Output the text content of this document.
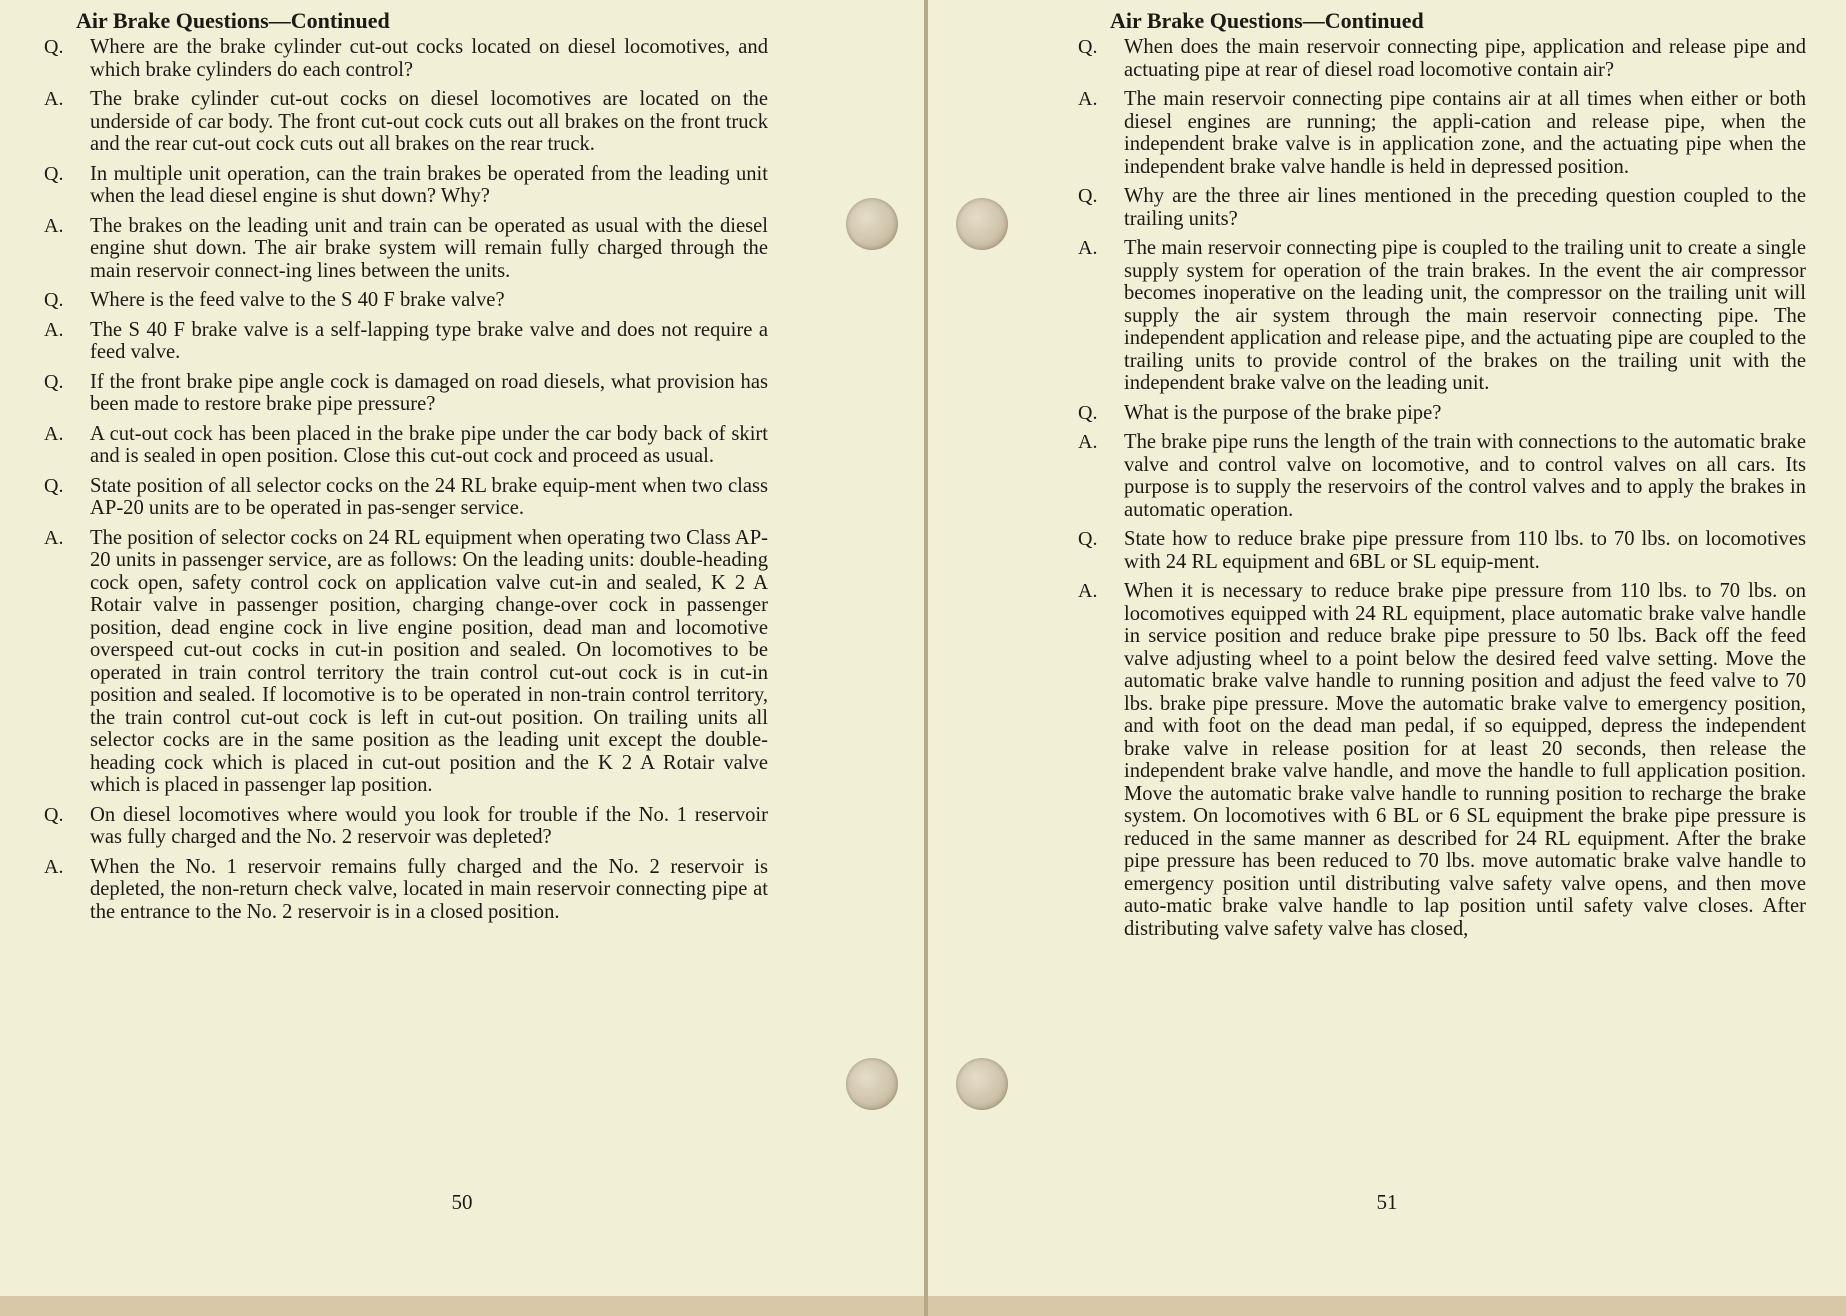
Air Brake Questions—Continued
Q.	Where are the brake cylinder cut-out cocks located on diesel locomotives, and which brake cylinders do each control?
A.	The brake cylinder cut-out cocks on diesel locomotives are located on the underside of car body. The front cut-out cock cuts out all brakes on the front truck and the rear cut-out cock cuts out all brakes on the rear truck.
Q.	In multiple unit operation, can the train brakes be operated from the leading unit when the lead diesel engine is shut down? Why?
A.	The brakes on the leading unit and train can be operated as usual with the diesel engine shut down. The air brake system will remain fully charged through the main reservoir connect-ing lines between the units.
Q.	Where is the feed valve to the S 40 F brake valve?
A.	The S 40 F brake valve is a self-lapping type brake valve and does not require a feed valve.
Q.	If the front brake pipe angle cock is damaged on road diesels, what provision has been made to restore brake pipe pressure?
A.	A cut-out cock has been placed in the brake pipe under the car body back of skirt and is sealed in open position. Close this cut-out cock and proceed as usual.
Q.	State position of all selector cocks on the 24 RL brake equip-ment when two class AP-20 units are to be operated in pas-senger service.
A.	The position of selector cocks on 24 RL equipment when operating two Class AP-20 units in passenger service, are as follows: On the leading units: double-heading cock open, safety control cock on application valve cut-in and sealed, K 2 A Rotair valve in passenger position, charging change-over cock in passenger position, dead engine cock in live engine position, dead man and locomotive overspeed cut-out cocks in cut-in position and sealed. On locomotives to be operated in train control territory the train control cut-out cock is in cut-in position and sealed. If locomotive is to be operated in non-train control territory, the train control cut-out cock is left in cut-out position. On trailing units all selector cocks are in the same position as the leading unit except the double-heading cock which is placed in cut-out position and the K 2 A Rotair valve which is placed in passenger lap position.
Q.	On diesel locomotives where would you look for trouble if the No. 1 reservoir was fully charged and the No. 2 reservoir was depleted?
A.	When the No. 1 reservoir remains fully charged and the No. 2 reservoir is depleted, the non-return check valve, located in main reservoir connecting pipe at the entrance to the No. 2 reservoir is in a closed position.
50
Air Brake Questions—Continued
Q.	When does the main reservoir connecting pipe, application and release pipe and actuating pipe at rear of diesel road locomotive contain air?
A.	The main reservoir connecting pipe contains air at all times when either or both diesel engines are running; the appli-cation and release pipe, when the independent brake valve is in application zone, and the actuating pipe when the independent brake valve handle is held in depressed position.
Q.	Why are the three air lines mentioned in the preceding question coupled to the trailing units?
A.	The main reservoir connecting pipe is coupled to the trailing unit to create a single supply system for operation of the train brakes. In the event the air compressor becomes inoperative on the leading unit, the compressor on the trailing unit will supply the air system through the main reservoir connecting pipe. The independent application and release pipe, and the actuating pipe are coupled to the trailing units to provide control of the brakes on the trailing unit with the independent brake valve on the leading unit.
Q.	What is the purpose of the brake pipe?
A.	The brake pipe runs the length of the train with connections to the automatic brake valve and control valve on locomotive, and to control valves on all cars. Its purpose is to supply the reservoirs of the control valves and to apply the brakes in automatic operation.
Q.	State how to reduce brake pipe pressure from 110 lbs. to 70 lbs. on locomotives with 24 RL equipment and 6BL or SL equip-ment.
A.	When it is necessary to reduce brake pipe pressure from 110 lbs. to 70 lbs. on locomotives equipped with 24 RL equipment, place automatic brake valve handle in service position and reduce brake pipe pressure to 50 lbs. Back off the feed valve adjusting wheel to a point below the desired feed valve setting. Move the automatic brake valve handle to running position and adjust the feed valve to 70 lbs. brake pipe pressure. Move the automatic brake valve to emergency position, and with foot on the dead man pedal, if so equipped, depress the independent brake valve in release position for at least 20 seconds, then release the independent brake valve handle, and move the handle to full application position. Move the automatic brake valve handle to running position to recharge the brake system. On locomotives with 6 BL or 6 SL equipment the brake pipe pressure is reduced in the same manner as described for 24 RL equipment. After the brake pipe pressure has been reduced to 70 lbs. move automatic brake valve handle to emergency position until distributing valve safety valve opens, and then move auto-matic brake valve handle to lap position until safety valve closes. After distributing valve safety valve has closed,
51
